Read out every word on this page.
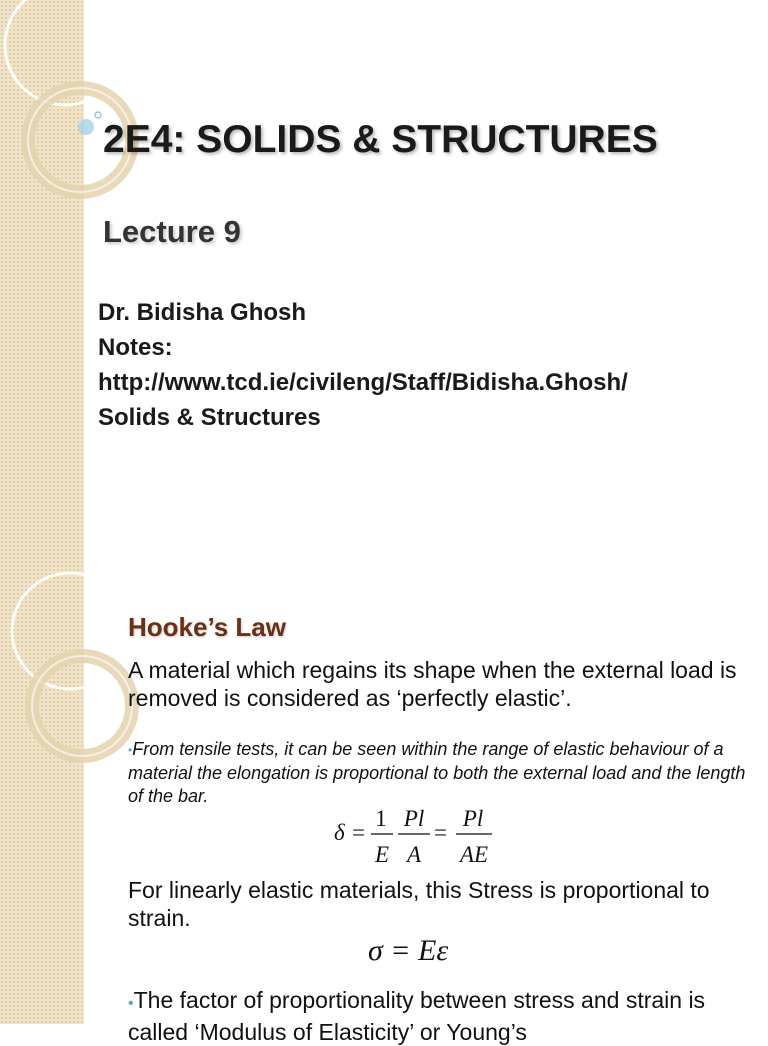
2E4: SOLIDS & STRUCTURES
Lecture 9
Dr. Bidisha Ghosh
Notes:
http://www.tcd.ie/civileng/Staff/Bidisha.Ghosh/
Solids & Structures
Hooke’s Law
A material which regains its shape when the external load is removed is considered as ‘perfectly elastic’.
•From tensile tests, it can be seen within the range of elastic behaviour of a material the elongation is proportional to both the external load and the length of the bar.
δ =
1
E
Pl
A
=
Pl
AE
For linearly elastic materials, this Stress is proportional to strain.
σ = Eε
•The factor of proportionality between stress and strain is called ‘Modulus of Elasticity’ or Young’s
